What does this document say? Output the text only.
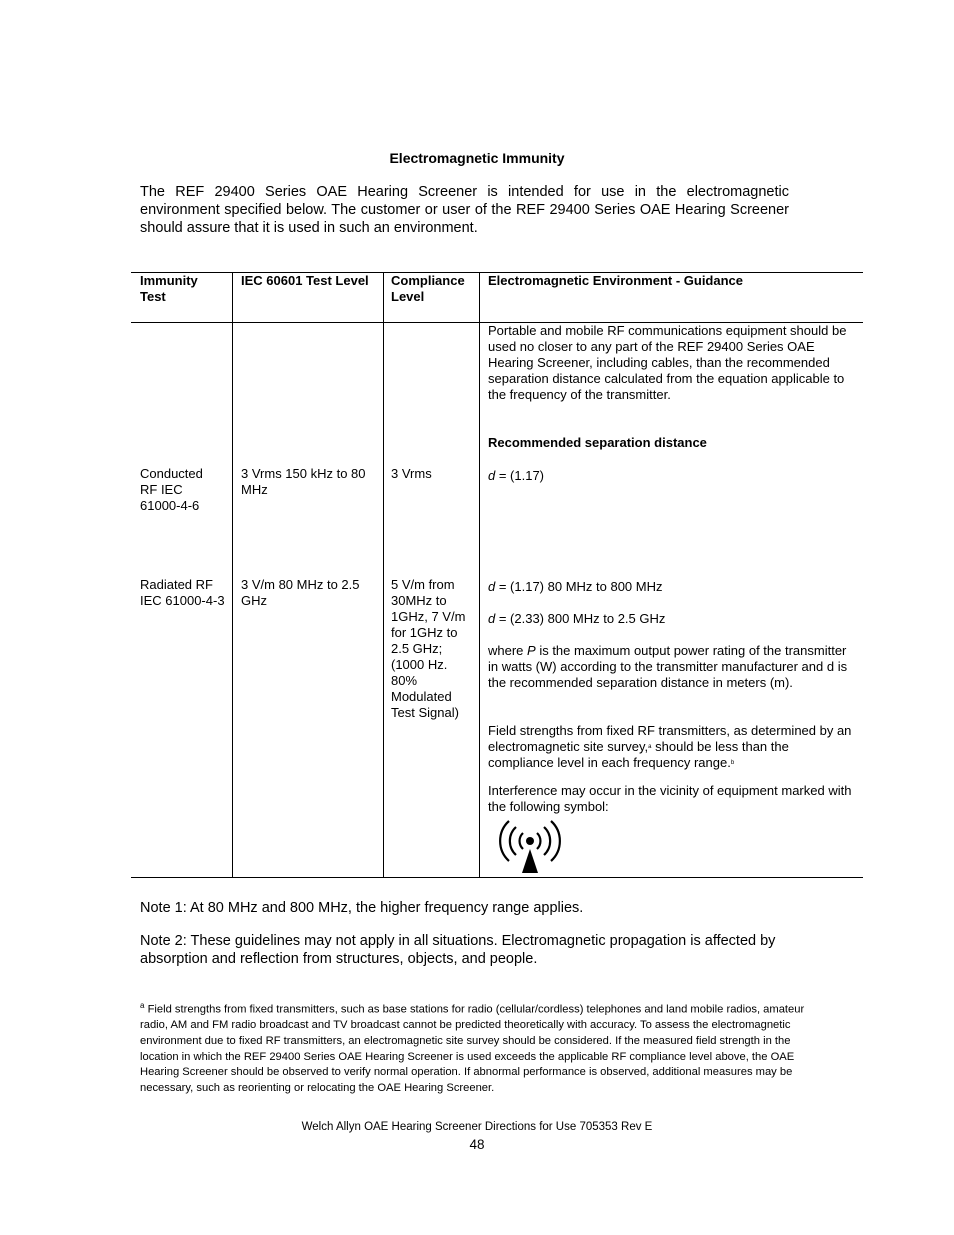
Electromagnetic Immunity
The REF 29400 Series OAE Hearing Screener is intended for use in the electromagnetic environment specified below. The customer or user of the REF 29400 Series OAE Hearing Screener should assure that it is used in such an environment.
Immunity Test
IEC 60601 Test Level	Compliance Level
Electromagnetic Environment - Guidance
Conducted RF IEC 61000-4-6
3 Vrms 150 kHz to 80 MHz
3 Vrms
Radiated RF IEC 61000-4-3
3 V/m 80 MHz to 2.5 GHz
5 V/m from 30MHz to 1GHz, 7 V/m for 1GHz to 2.5 GHz; (1000 Hz. 80% Modulated Test Signal)
Portable and mobile RF communications equipment should be used no closer to any part of the REF 29400 Series OAE Hearing Screener, including cables, than the recommended separation distance calculated from the equation applicable to the frequency of the transmitter.
Recommended separation distance
d = (1.17)
d = (1.17) 80 MHz to 800 MHz
d = (2.33) 800 MHz to 2.5 GHz
where P is the maximum output power rating of the transmitter in watts (W) according to the transmitter manufacturer and d is the recommended separation distance in meters (m).
Field strengths from fixed RF transmitters, as determined by an electromagnetic site survey,$^a$ should be less than the compliance level in each frequency range.$^b$
Interference may occur in the vicinity of equipment marked with the following symbol:
Note 1: At 80 MHz and 800 MHz, the higher frequency range applies.
Note 2: These guidelines may not apply in all situations. Electromagnetic propagation is affected by absorption and reflection from structures, objects, and people.
$^a$ Field strengths from fixed transmitters, such as base stations for radio (cellular/cordless) telephones and land mobile radios, amateur radio, AM and FM radio broadcast and TV broadcast cannot be predicted theoretically with accuracy. To assess the electromagnetic environment due to fixed RF transmitters, an electromagnetic site survey should be considered. If the measured field strength in the location in which the REF 29400 Series OAE Hearing Screener is used exceeds the applicable RF compliance level above, the OAE Hearing Screener should be observed to verify normal operation. If abnormal performance is observed, additional measures may be necessary, such as reorienting or relocating the OAE Hearing Screener.
Welch Allyn OAE Hearing Screener Directions for Use 705353 Rev E
48
